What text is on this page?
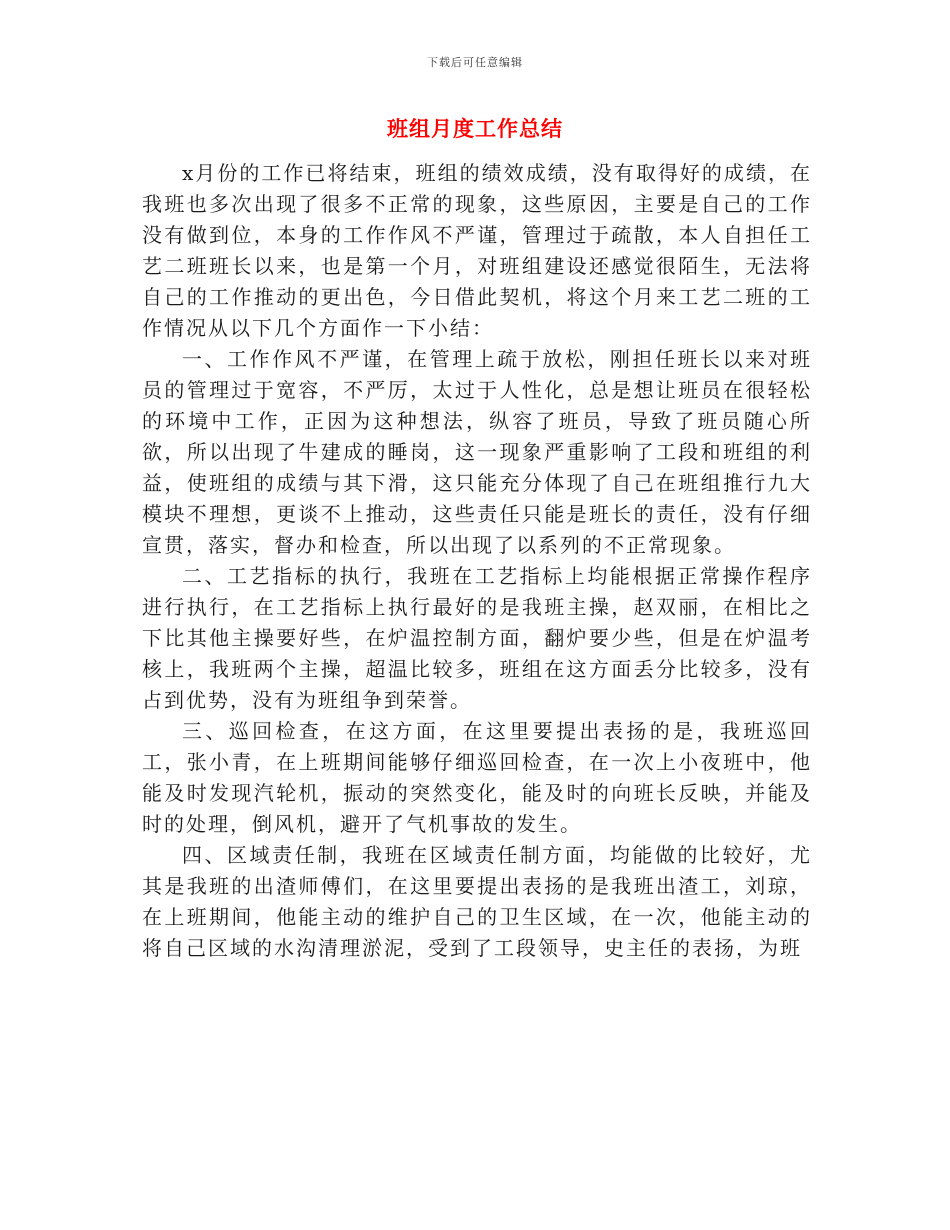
下载后可任意编辑
班组月度工作总结

x月份的工作已将结束，班组的绩效成绩，没有取得好的成绩，在我班也多次出现了很多不正常的现象，这些原因，主要是自己的工作没有做到位，本身的工作作风不严谨，管理过于疏散，本人自担任工艺二班班长以来，也是第一个月，对班组建设还感觉很陌生，无法将自己的工作推动的更出色，今日借此契机，将这个月来工艺二班的工作情况从以下几个方面作一下小结：

一、工作作风不严谨，在管理上疏于放松，刚担任班长以来对班员的管理过于宽容，不严厉，太过于人性化，总是想让班员在很轻松的环境中工作，正因为这种想法，纵容了班员，导致了班员随心所欲，所以出现了牛建成的睡岗，这一现象严重影响了工段和班组的利益，使班组的成绩与其下滑，这只能充分体现了自己在班组推行九大模块不理想，更谈不上推动，这些责任只能是班长的责任，没有仔细宣贯，落实，督办和检查，所以出现了以系列的不正常现象。

二、工艺指标的执行，我班在工艺指标上均能根据正常操作程序进行执行，在工艺指标上执行最好的是我班主操，赵双丽，在相比之下比其他主操要好些，在炉温控制方面，翻炉要少些，但是在炉温考核上，我班两个主操，超温比较多，班组在这方面丢分比较多，没有占到优势，没有为班组争到荣誉。

三、巡回检查，在这方面，在这里要提出表扬的是，我班巡回工，张小青，在上班期间能够仔细巡回检查，在一次上小夜班中，他能及时发现汽轮机，振动的突然变化，能及时的向班长反映，并能及时的处理，倒风机，避开了气机事故的发生。

四、区域责任制，我班在区域责任制方面，均能做的比较好，尤其是我班的出渣师傅们，在这里要提出表扬的是我班出渣工，刘琼，在上班期间，他能主动的维护自己的卫生区域，在一次，他能主动的将自己区域的水沟清理淤泥，受到了工段领导，史主任的表扬，为班
